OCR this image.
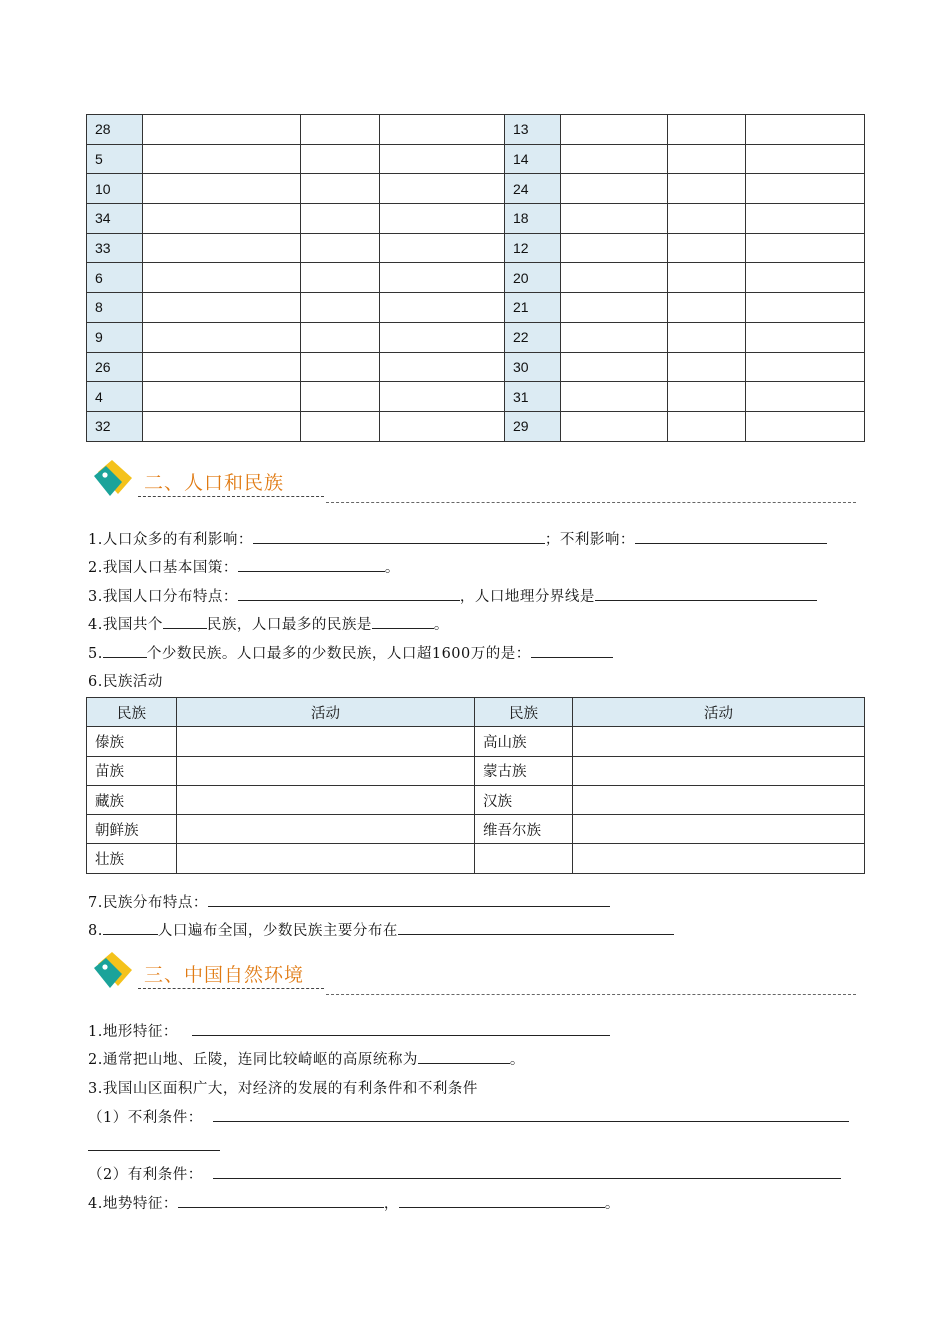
28				13			
5				14			
10				24			
34				18			
33				12			
6				20			
8				21			
9				22			
26				30			
4				31			
32				29			
二、人口和民族
1.人口众多的有利影响：	；不利影响：
2.我国人口基本国策：	。
3.我国人口分布特点：	，人口地理分界线是
4.我国共个	民族，人口最多的民族是	。
5.	个少数民族。人口最多的少数民族，人口超1600万的是：
6.民族活动
民族	活动	民族	活动
傣族		高山族	
苗族		蒙古族	
藏族		汉族	
朝鲜族		维吾尔族	
壮族			
7.民族分布特点：
8.	人口遍布全国，少数民族主要分布在
三、中国自然环境
1.地形特征：
2.通常把山地、丘陵，连同比较崎岖的高原统称为	。
3.我国山区面积广大，对经济的发展的有利条件和不利条件
（1）不利条件：
（2）有利条件：
4.地势特征：	，	。
